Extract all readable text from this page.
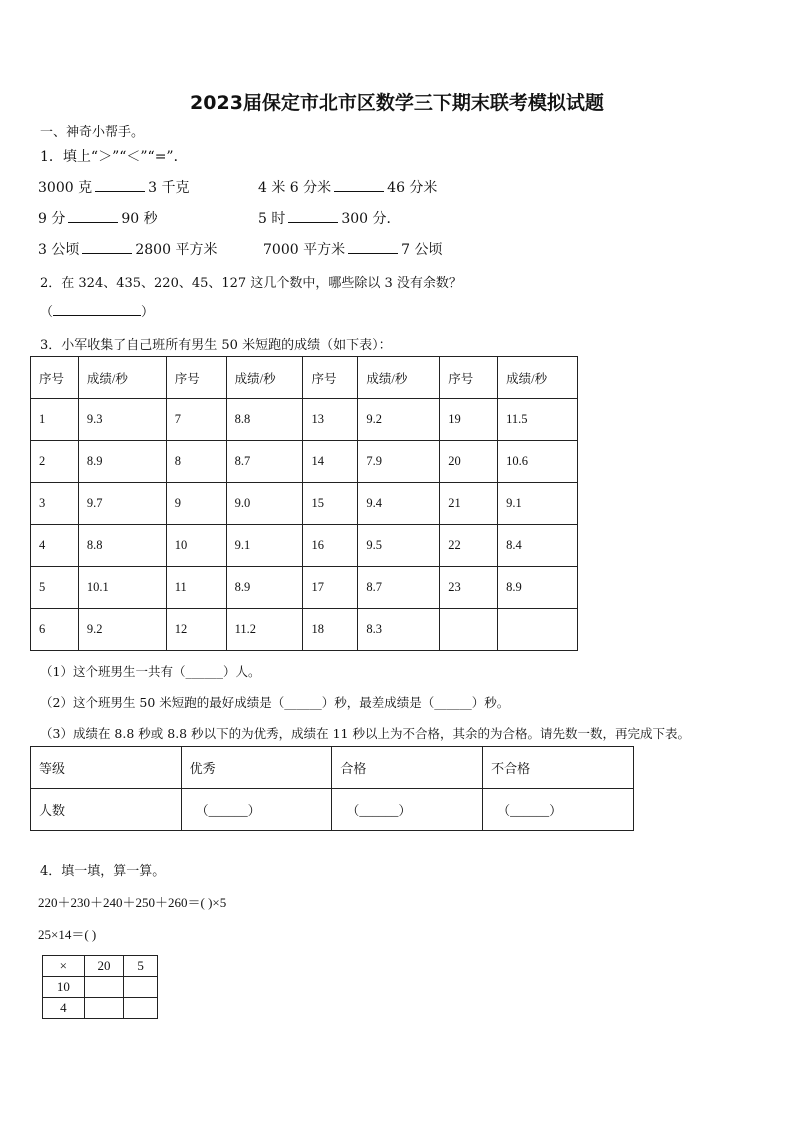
2023届保定市北市区数学三下期末联考模拟试题
一、神奇小帮手。
1．填上“＞”“＜”“=”．
3000 克	3 千克	4 米 6 分米	46 分米
9 分	90 秒	5 时	300 分．
3 公顷	2800 平方米	7000 平方米	7 公顷
2．在 324、435、220、45、127 这几个数中，哪些除以 3 没有余数？
（	）
3．小军收集了自己班所有男生 50 米短跑的成绩（如下表）：
序号	成绩/秒	序号	成绩/秒	序号	成绩/秒	序号	成绩/秒
1	9.3	7	8.8	13	9.2	19	11.5
2	8.9	8	8.7	14	7.9	20	10.6
3	9.7	9	9.0	15	9.4	21	9.1
4	8.8	10	9.1	16	9.5	22	8.4
5	10.1	11	8.9	17	8.7	23	8.9
6	9.2	12	11.2	18	8.3		
（1）这个班男生一共有（______）人。
（2）这个班男生 50 米短跑的最好成绩是（______）秒，最差成绩是（______）秒。
（3）成绩在 8.8 秒或 8.8 秒以下的为优秀，成绩在 11 秒以上为不合格，其余的为合格。请先数一数，再完成下表。
等级	优秀	合格	不合格
人数	（______）	（______）	（______）
4．填一填，算一算。
220＋230＋240＋250＋260＝( )×5
25×14＝( )
×	20	5
10		
4		
